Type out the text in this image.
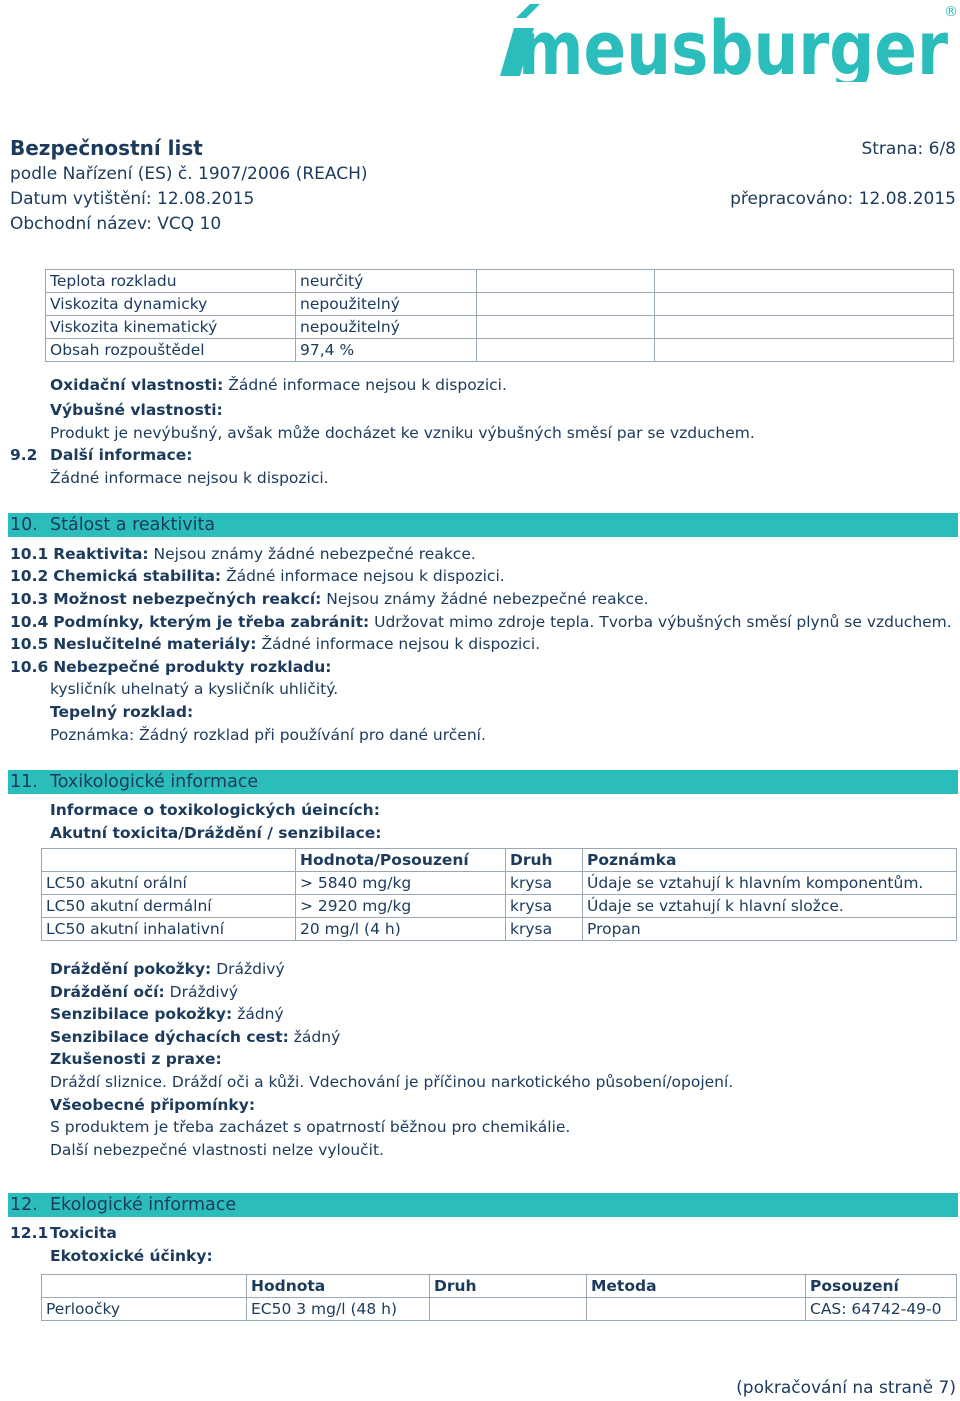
meusburger
®
Bezpečnostní list	Strana: 6/8
podle Nařízení (ES) č. 1907/2006 (REACH)
Datum vytištění: 12.08.2015	přepracováno: 12.08.2015
Obchodní název: VCQ 10
Teplota rozkladu	neurčitý		
Viskozita dynamicky	nepoužitelný		
Viskozita kinematický	nepoužitelný		
Obsah rozpouštědel	97,4 %		
Oxidační vlastnosti: Žádné informace nejsou k dispozici.
Výbušné vlastnosti:
Produkt je nevýbušný, avšak může docházet ke vzniku výbušných směsí par se vzduchem.
9.2 Další informace:
Žádné informace nejsou k dispozici.
10. Stálost a reaktivita
10.1 Reaktivita: Nejsou známy žádné nebezpečné reakce.
10.2 Chemická stabilita: Žádné informace nejsou k dispozici.
10.3 Možnost nebezpečných reakcí: Nejsou známy žádné nebezpečné reakce.
10.4 Podmínky, kterým je třeba zabránit: Udržovat mimo zdroje tepla. Tvorba výbušných směsí plynů se vzduchem.
10.5 Neslučitelné materiály: Žádné informace nejsou k dispozici.
10.6 Nebezpečné produkty rozkladu:
kysličník uhelnatý a kysličník uhličitý.
Tepelný rozklad:
Poznámka: Žádný rozklad při používání pro dané určení.
11. Toxikologické informace
Informace o toxikologických úeincích:
Akutní toxicita/Dráždění / senzibilace:
	Hodnota/Posouzení	Druh	Poznámka
LC50 akutní orální	> 5840 mg/kg	krysa	Údaje se vztahují k hlavním komponentům.
LC50 akutní dermální	> 2920 mg/kg	krysa	Údaje se vztahují k hlavní složce.
LC50 akutní inhalativní	20 mg/l (4 h)	krysa	Propan
Dráždění pokožky: Dráždivý
Dráždění očí: Dráždivý
Senzibilace pokožky: žádný
Senzibilace dýchacích cest: žádný
Zkušenosti z praxe:
Dráždí sliznice. Dráždí oči a kůži. Vdechování je příčinou narkotického působení/opojení.
Všeobecné připomínky:
S produktem je třeba zacházet s opatrností běžnou pro chemikálie.
Další nebezpečné vlastnosti nelze vyloučit.
12. Ekologické informace
12.1 Toxicita
Ekotoxické účinky:
	Hodnota	Druh	Metoda	Posouzení
Perloočky	EC50 3 mg/l (48 h)			CAS: 64742-49-0
(pokračování na straně 7)
